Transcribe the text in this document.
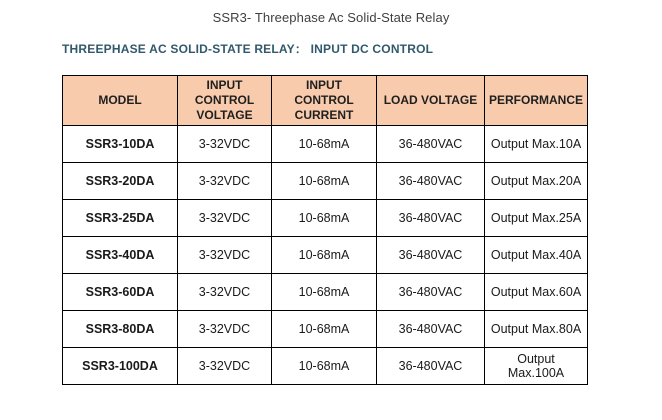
SSR3- Threephase Ac Solid-State Relay
THREEPHASE AC SOLID-STATE RELAY： INPUT DC CONTROL
MODEL	INPUT CONTROL VOLTAGE	INPUT CONTROL CURRENT	LOAD VOLTAGE	PERFORMANCE
SSR3-10DA	3-32VDC	10-68mA	36-480VAC	Output Max.10A
SSR3-20DA	3-32VDC	10-68mA	36-480VAC	Output Max.20A
SSR3-25DA	3-32VDC	10-68mA	36-480VAC	Output Max.25A
SSR3-40DA	3-32VDC	10-68mA	36-480VAC	Output Max.40A
SSR3-60DA	3-32VDC	10-68mA	36-480VAC	Output Max.60A
SSR3-80DA	3-32VDC	10-68mA	36-480VAC	Output Max.80A
SSR3-100DA	3-32VDC	10-68mA	36-480VAC	Output Max.100A
